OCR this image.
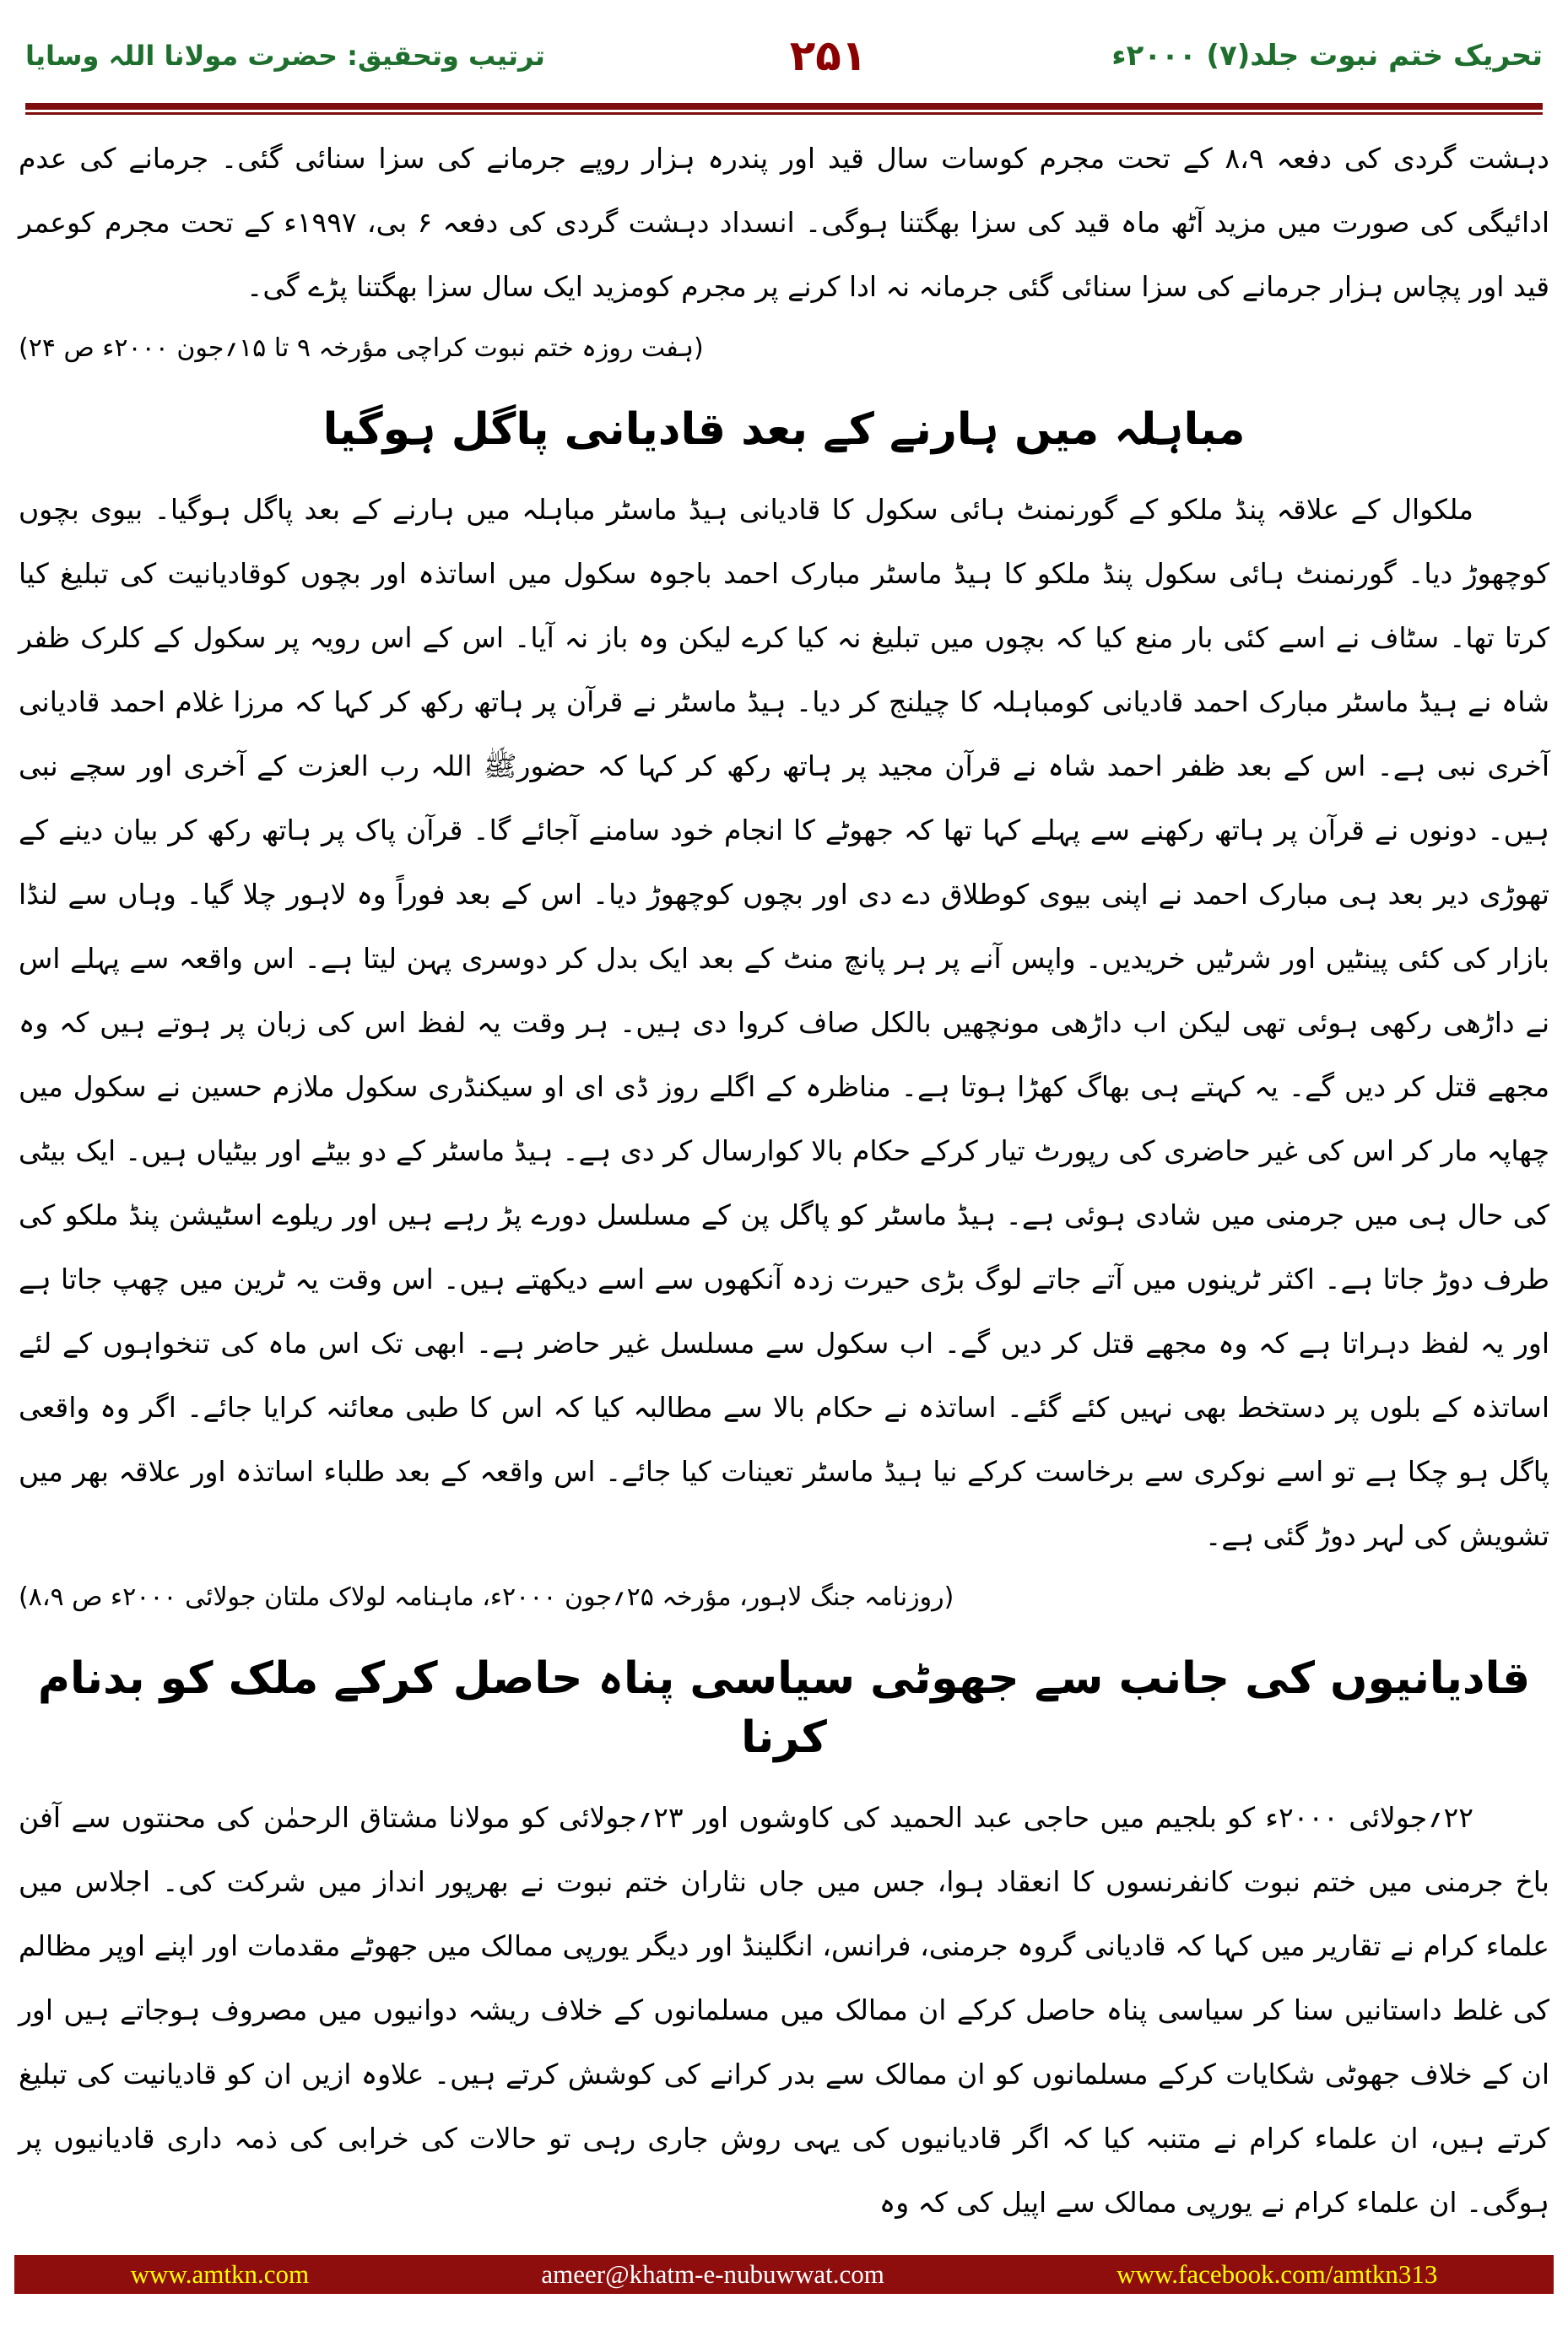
تحریک ختم نبوت جلد(۷) ۲۰۰۰ء
۲۵۱
ترتیب وتحقیق: حضرت مولانا اللہ وسایا

دہشت گردی کی دفعہ ۸،۹ کے تحت مجرم کوسات سال قید اور پندرہ ہزار روپے جرمانے کی سزا سنائی گئی۔ جرمانے کی عدم ادائیگی کی صورت میں مزید آٹھ ماہ قید کی سزا بھگتنا ہوگی۔ انسداد دہشت گردی کی دفعہ ۶ بی، ۱۹۹۷ء کے تحت مجرم کوعمر قید اور پچاس ہزار جرمانے کی سزا سنائی گئی جرمانہ نہ ادا کرنے پر مجرم کومزید ایک سال سزا بھگتنا پڑے گی۔

(ہفت روزہ ختم نبوت کراچی مؤرخہ ۹ تا ۱۵؍جون ۲۰۰۰ء ص ۲۴)

مباہلہ میں ہارنے کے بعد قادیانی پاگل ہوگیا

ملکوال کے علاقہ پنڈ ملکو کے گورنمنٹ ہائی سکول کا قادیانی ہیڈ ماسٹر مباہلہ میں ہارنے کے بعد پاگل ہوگیا۔ بیوی بچوں کوچھوڑ دیا۔ گورنمنٹ ہائی سکول پنڈ ملکو کا ہیڈ ماسٹر مبارک احمد باجوہ سکول میں اساتذہ اور بچوں کوقادیانیت کی تبلیغ کیا کرتا تھا۔ سٹاف نے اسے کئی بار منع کیا کہ بچوں میں تبلیغ نہ کیا کرے لیکن وہ باز نہ آیا۔ اس کے اس رویہ پر سکول کے کلرک ظفر شاہ نے ہیڈ ماسٹر مبارک احمد قادیانی کومباہلہ کا چیلنج کر دیا۔ ہیڈ ماسٹر نے قرآن پر ہاتھ رکھ کر کہا کہ مرزا غلام احمد قادیانی آخری نبی ہے۔ اس کے بعد ظفر احمد شاہ نے قرآن مجید پر ہاتھ رکھ کر کہا کہ حضورﷺ اللہ رب العزت کے آخری اور سچے نبی ہیں۔ دونوں نے قرآن پر ہاتھ رکھنے سے پہلے کہا تھا کہ جھوٹے کا انجام خود سامنے آجائے گا۔ قرآن پاک پر ہاتھ رکھ کر بیان دینے کے تھوڑی دیر بعد ہی مبارک احمد نے اپنی بیوی کوطلاق دے دی اور بچوں کوچھوڑ دیا۔ اس کے بعد فوراً وہ لاہور چلا گیا۔ وہاں سے لنڈا بازار کی کئی پینٹیں اور شرٹیں خریدیں۔ واپس آنے پر ہر پانچ منٹ کے بعد ایک بدل کر دوسری پہن لیتا ہے۔ اس واقعہ سے پہلے اس نے داڑھی رکھی ہوئی تھی لیکن اب داڑھی مونچھیں بالکل صاف کروا دی ہیں۔ ہر وقت یہ لفظ اس کی زبان پر ہوتے ہیں کہ وہ مجھے قتل کر دیں گے۔ یہ کہتے ہی بھاگ کھڑا ہوتا ہے۔ مناظرہ کے اگلے روز ڈی ای او سیکنڈری سکول ملازم حسین نے سکول میں چھاپہ مار کر اس کی غیر حاضری کی رپورٹ تیار کرکے حکام بالا کوارسال کر دی ہے۔ ہیڈ ماسٹر کے دو بیٹے اور بیٹیاں ہیں۔ ایک بیٹی کی حال ہی میں جرمنی میں شادی ہوئی ہے۔ ہیڈ ماسٹر کو پاگل پن کے مسلسل دورے پڑ رہے ہیں اور ریلوے اسٹیشن پنڈ ملکو کی طرف دوڑ جاتا ہے۔ اکثر ٹرینوں میں آتے جاتے لوگ بڑی حیرت زدہ آنکھوں سے اسے دیکھتے ہیں۔ اس وقت یہ ٹرین میں چھپ جاتا ہے اور یہ لفظ دہراتا ہے کہ وہ مجھے قتل کر دیں گے۔ اب سکول سے مسلسل غیر حاضر ہے۔ ابھی تک اس ماہ کی تنخواہوں کے لئے اساتذہ کے بلوں پر دستخط بھی نہیں کئے گئے۔ اساتذہ نے حکام بالا سے مطالبہ کیا کہ اس کا طبی معائنہ کرایا جائے۔ اگر وہ واقعی پاگل ہو چکا ہے تو اسے نوکری سے برخاست کرکے نیا ہیڈ ماسٹر تعینات کیا جائے۔ اس واقعہ کے بعد طلباء اساتذہ اور علاقہ بھر میں تشویش کی لہر دوڑ گئی ہے۔

(روزنامہ جنگ لاہور، مؤرخہ ۲۵؍جون ۲۰۰۰ء، ماہنامہ لولاک ملتان جولائی ۲۰۰۰ء ص ۸،۹)

قادیانیوں کی جانب سے جھوٹی سیاسی پناہ حاصل کرکے ملک کو بدنام کرنا

۲۲؍جولائی ۲۰۰۰ء کو بلجیم میں حاجی عبد الحمید کی کاوشوں اور ۲۳؍جولائی کو مولانا مشتاق الرحمٰن کی محنتوں سے آفن باخ جرمنی میں ختم نبوت کانفرنسوں کا انعقاد ہوا، جس میں جاں نثاران ختم نبوت نے بھرپور انداز میں شرکت کی۔ اجلاس میں علماء کرام نے تقاریر میں کہا کہ قادیانی گروہ جرمنی، فرانس، انگلینڈ اور دیگر یورپی ممالک میں جھوٹے مقدمات اور اپنے اوپر مظالم کی غلط داستانیں سنا کر سیاسی پناہ حاصل کرکے ان ممالک میں مسلمانوں کے خلاف ریشہ دوانیوں میں مصروف ہوجاتے ہیں اور ان کے خلاف جھوٹی شکایات کرکے مسلمانوں کو ان ممالک سے بدر کرانے کی کوشش کرتے ہیں۔ علاوہ ازیں ان کو قادیانیت کی تبلیغ کرتے ہیں، ان علماء کرام نے متنبہ کیا کہ اگر قادیانیوں کی یہی روش جاری رہی تو حالات کی خرابی کی ذمہ داری قادیانیوں پر ہوگی۔ ان علماء کرام نے یورپی ممالک سے اپیل کی کہ وہ

www.amtkn.com	ameer@khatm-e-nubuwwat.com	www.facebook.com/amtkn313
